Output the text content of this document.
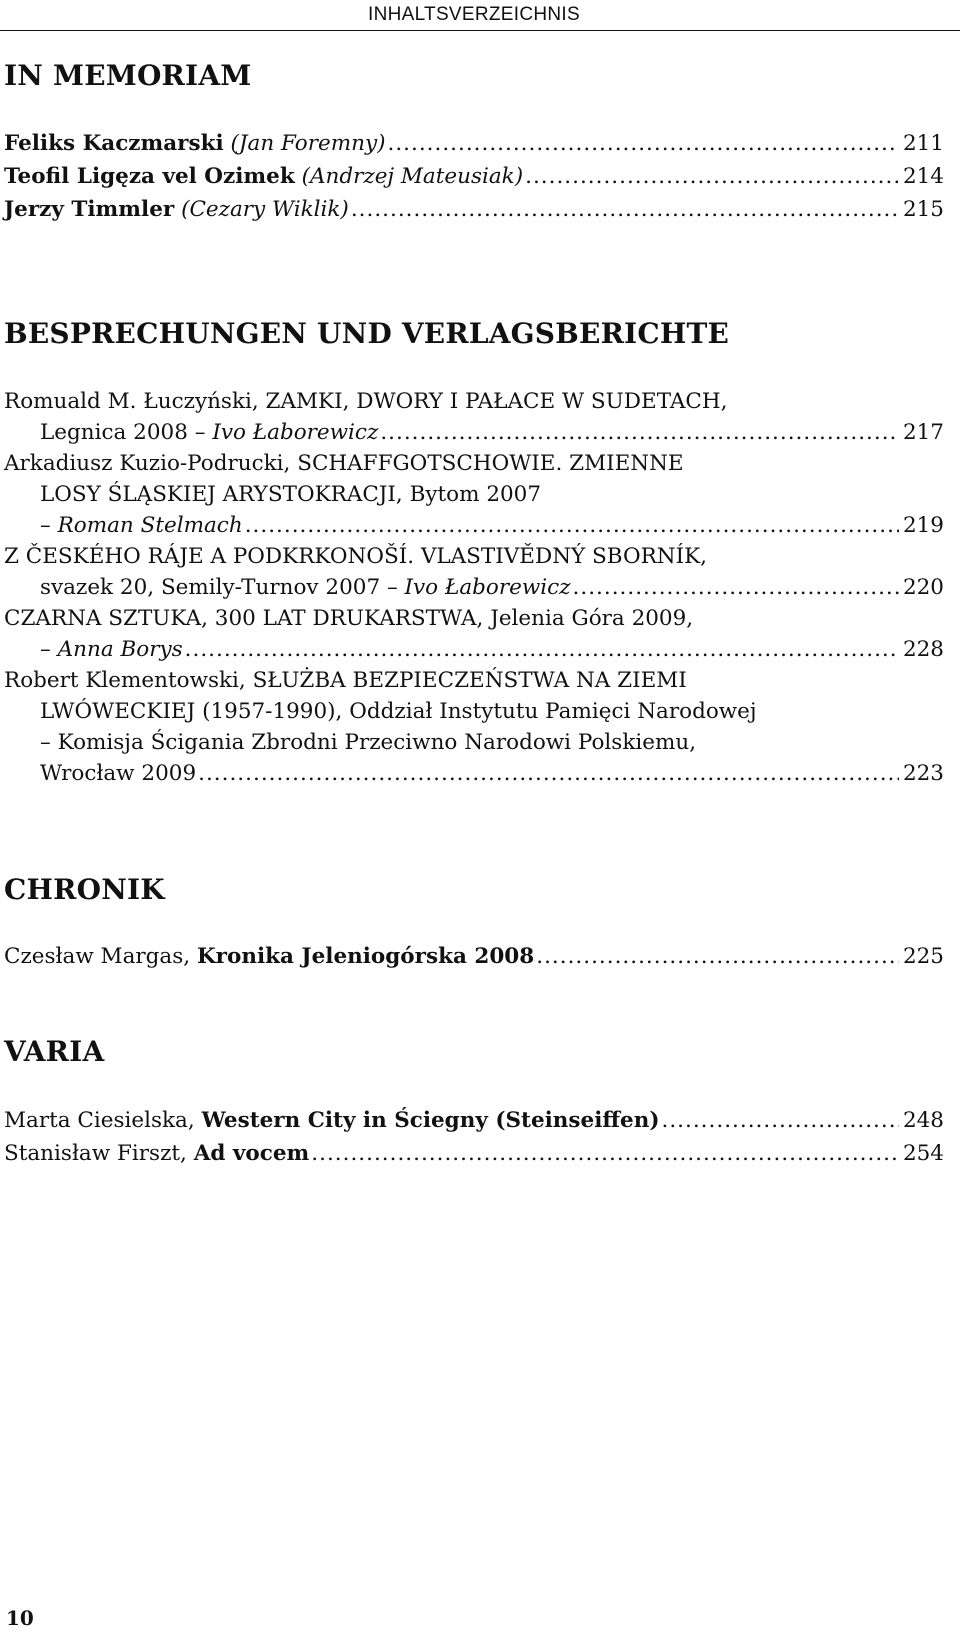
INHALTSVERZEICHNIS
IN MEMORIAM
Feliks Kaczmarski (Jan Foremny) .....	211
Teofil Ligęza vel Ozimek (Andrzej Mateusiak) .....	214
Jerzy Timmler (Cezary Wiklik) .....	215
BESPRECHUNGEN UND VERLAGSBERICHTE
Romuald M. Łuczyński, ZAMKI, DWORY I PAŁACE W SUDETACH,
Legnica 2008 – Ivo Łaborewicz .....	217
Arkadiusz Kuzio-Podrucki, SCHAFFGOTSCHOWIE. ZMIENNE
LOSY ŚLĄSKIEJ ARYSTOKRACJI, Bytom 2007
– Roman Stelmach .....	219
Z ČESKÉHO RÁJE A PODKRKONOŠÍ. VLASTIVĚDNÝ SBORNÍK,
svazek 20, Semily-Turnov 2007 – Ivo Łaborewicz .....	220
CZARNA SZTUKA, 300 LAT DRUKARSTWA, Jelenia Góra 2009,
– Anna Borys .....	228
Robert Klementowski, SŁUŻBA BEZPIECZEŃSTWA NA ZIEMI
LWÓWECKIEJ (1957-1990), Oddział Instytutu Pamięci Narodowej
– Komisja Ścigania Zbrodni Przeciwno Narodowi Polskiemu,
Wrocław 2009 .....	223
CHRONIK
Czesław Margas, Kronika Jeleniogórska 2008 .....	225
VARIA
Marta Ciesielska, Western City in Ściegny (Steinseiffen) .....	248
Stanisław Firszt, Ad vocem .....	254
10
